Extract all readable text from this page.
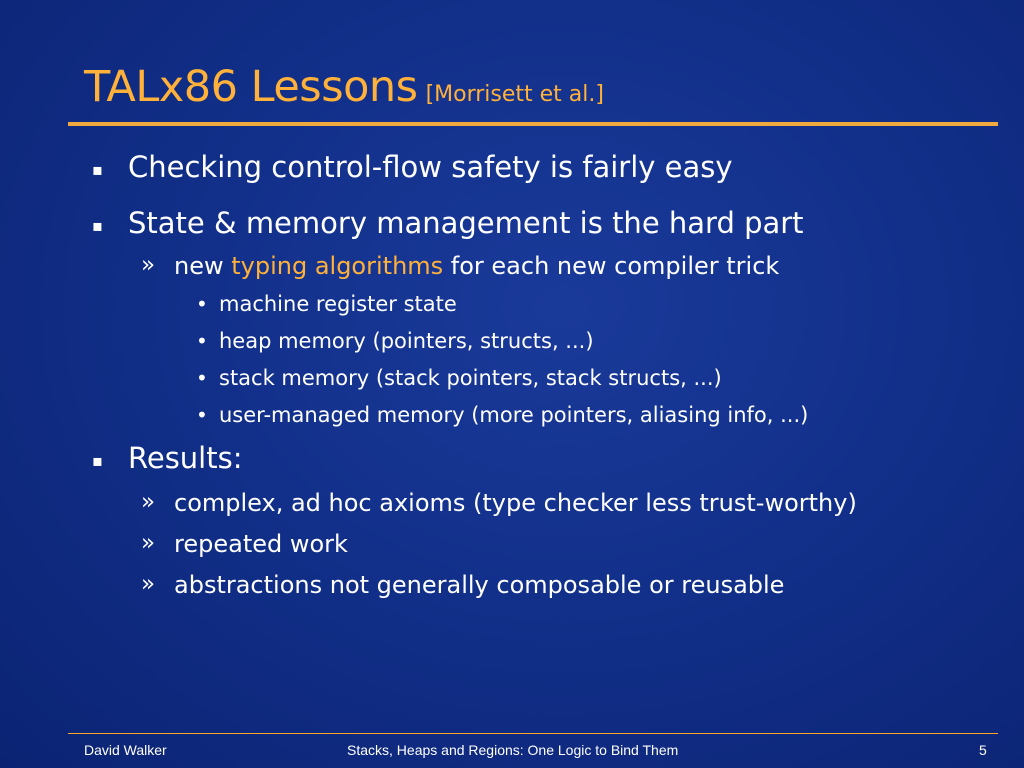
TALx86 Lessons [Morrisett et al.]
▪ Checking control-flow safety is fairly easy
▪ State & memory management is the hard part
» new typing algorithms for each new compiler trick
• machine register state
• heap memory (pointers, structs, ...)
• stack memory (stack pointers, stack structs, ...)
• user-managed memory (more pointers, aliasing info, ...)
▪ Results:
» complex, ad hoc axioms (type checker less trust-worthy)
» repeated work
» abstractions not generally composable or reusable
David Walker	Stacks, Heaps and Regions: One Logic to Bind Them	5
